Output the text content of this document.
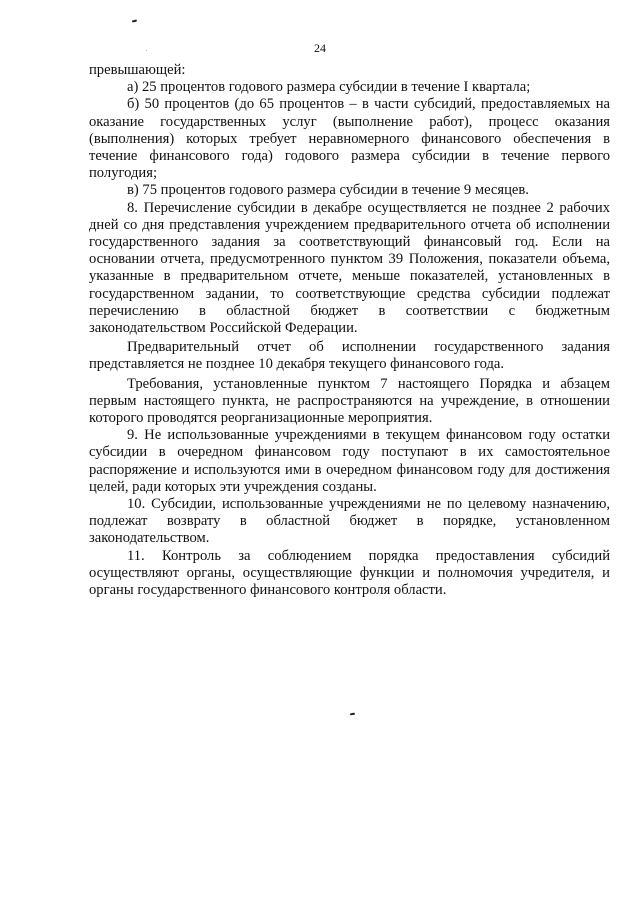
24

превышающей:

а) 25 процентов годового размера субсидии в течение I квартала;

б) 50 процентов (до 65 процентов – в части субсидий, предоставляемых на оказание государственных услуг (выполнение работ), процесс оказания (выполнения) которых требует неравномерного финансового обеспечения в течение финансового года) годового размера субсидии в течение первого полугодия;

в) 75 процентов годового размера субсидии в течение 9 месяцев.

8. Перечисление субсидии в декабре осуществляется не позднее 2 рабочих дней со дня представления учреждением предварительного отчета об исполнении государственного задания за соответствующий финансовый год. Если на основании отчета, предусмотренного пунктом 39 Положения, показатели объема, указанные в предварительном отчете, меньше показателей, установленных в государственном задании, то соответствующие средства субсидии подлежат перечислению в областной бюджет в соответствии с бюджетным законодательством Российской Федерации.

Предварительный отчет об исполнении государственного задания представляется не позднее 10 декабря текущего финансового года.

Требования, установленные пунктом 7 настоящего Порядка и абзацем первым настоящего пункта, не распространяются на учреждение, в отношении которого проводятся реорганизационные мероприятия.

9. Не использованные учреждениями в текущем финансовом году остатки субсидии в очередном финансовом году поступают в их самостоятельное распоряжение и используются ими в очередном финансовом году для достижения целей, ради которых эти учреждения созданы.

10. Субсидии, использованные учреждениями не по целевому назначению, подлежат возврату в областной бюджет в порядке, установленном законодательством.

11. Контроль за соблюдением порядка предоставления субсидий осуществляют органы, осуществляющие функции и полномочия учредителя, и органы государственного финансового контроля области.
